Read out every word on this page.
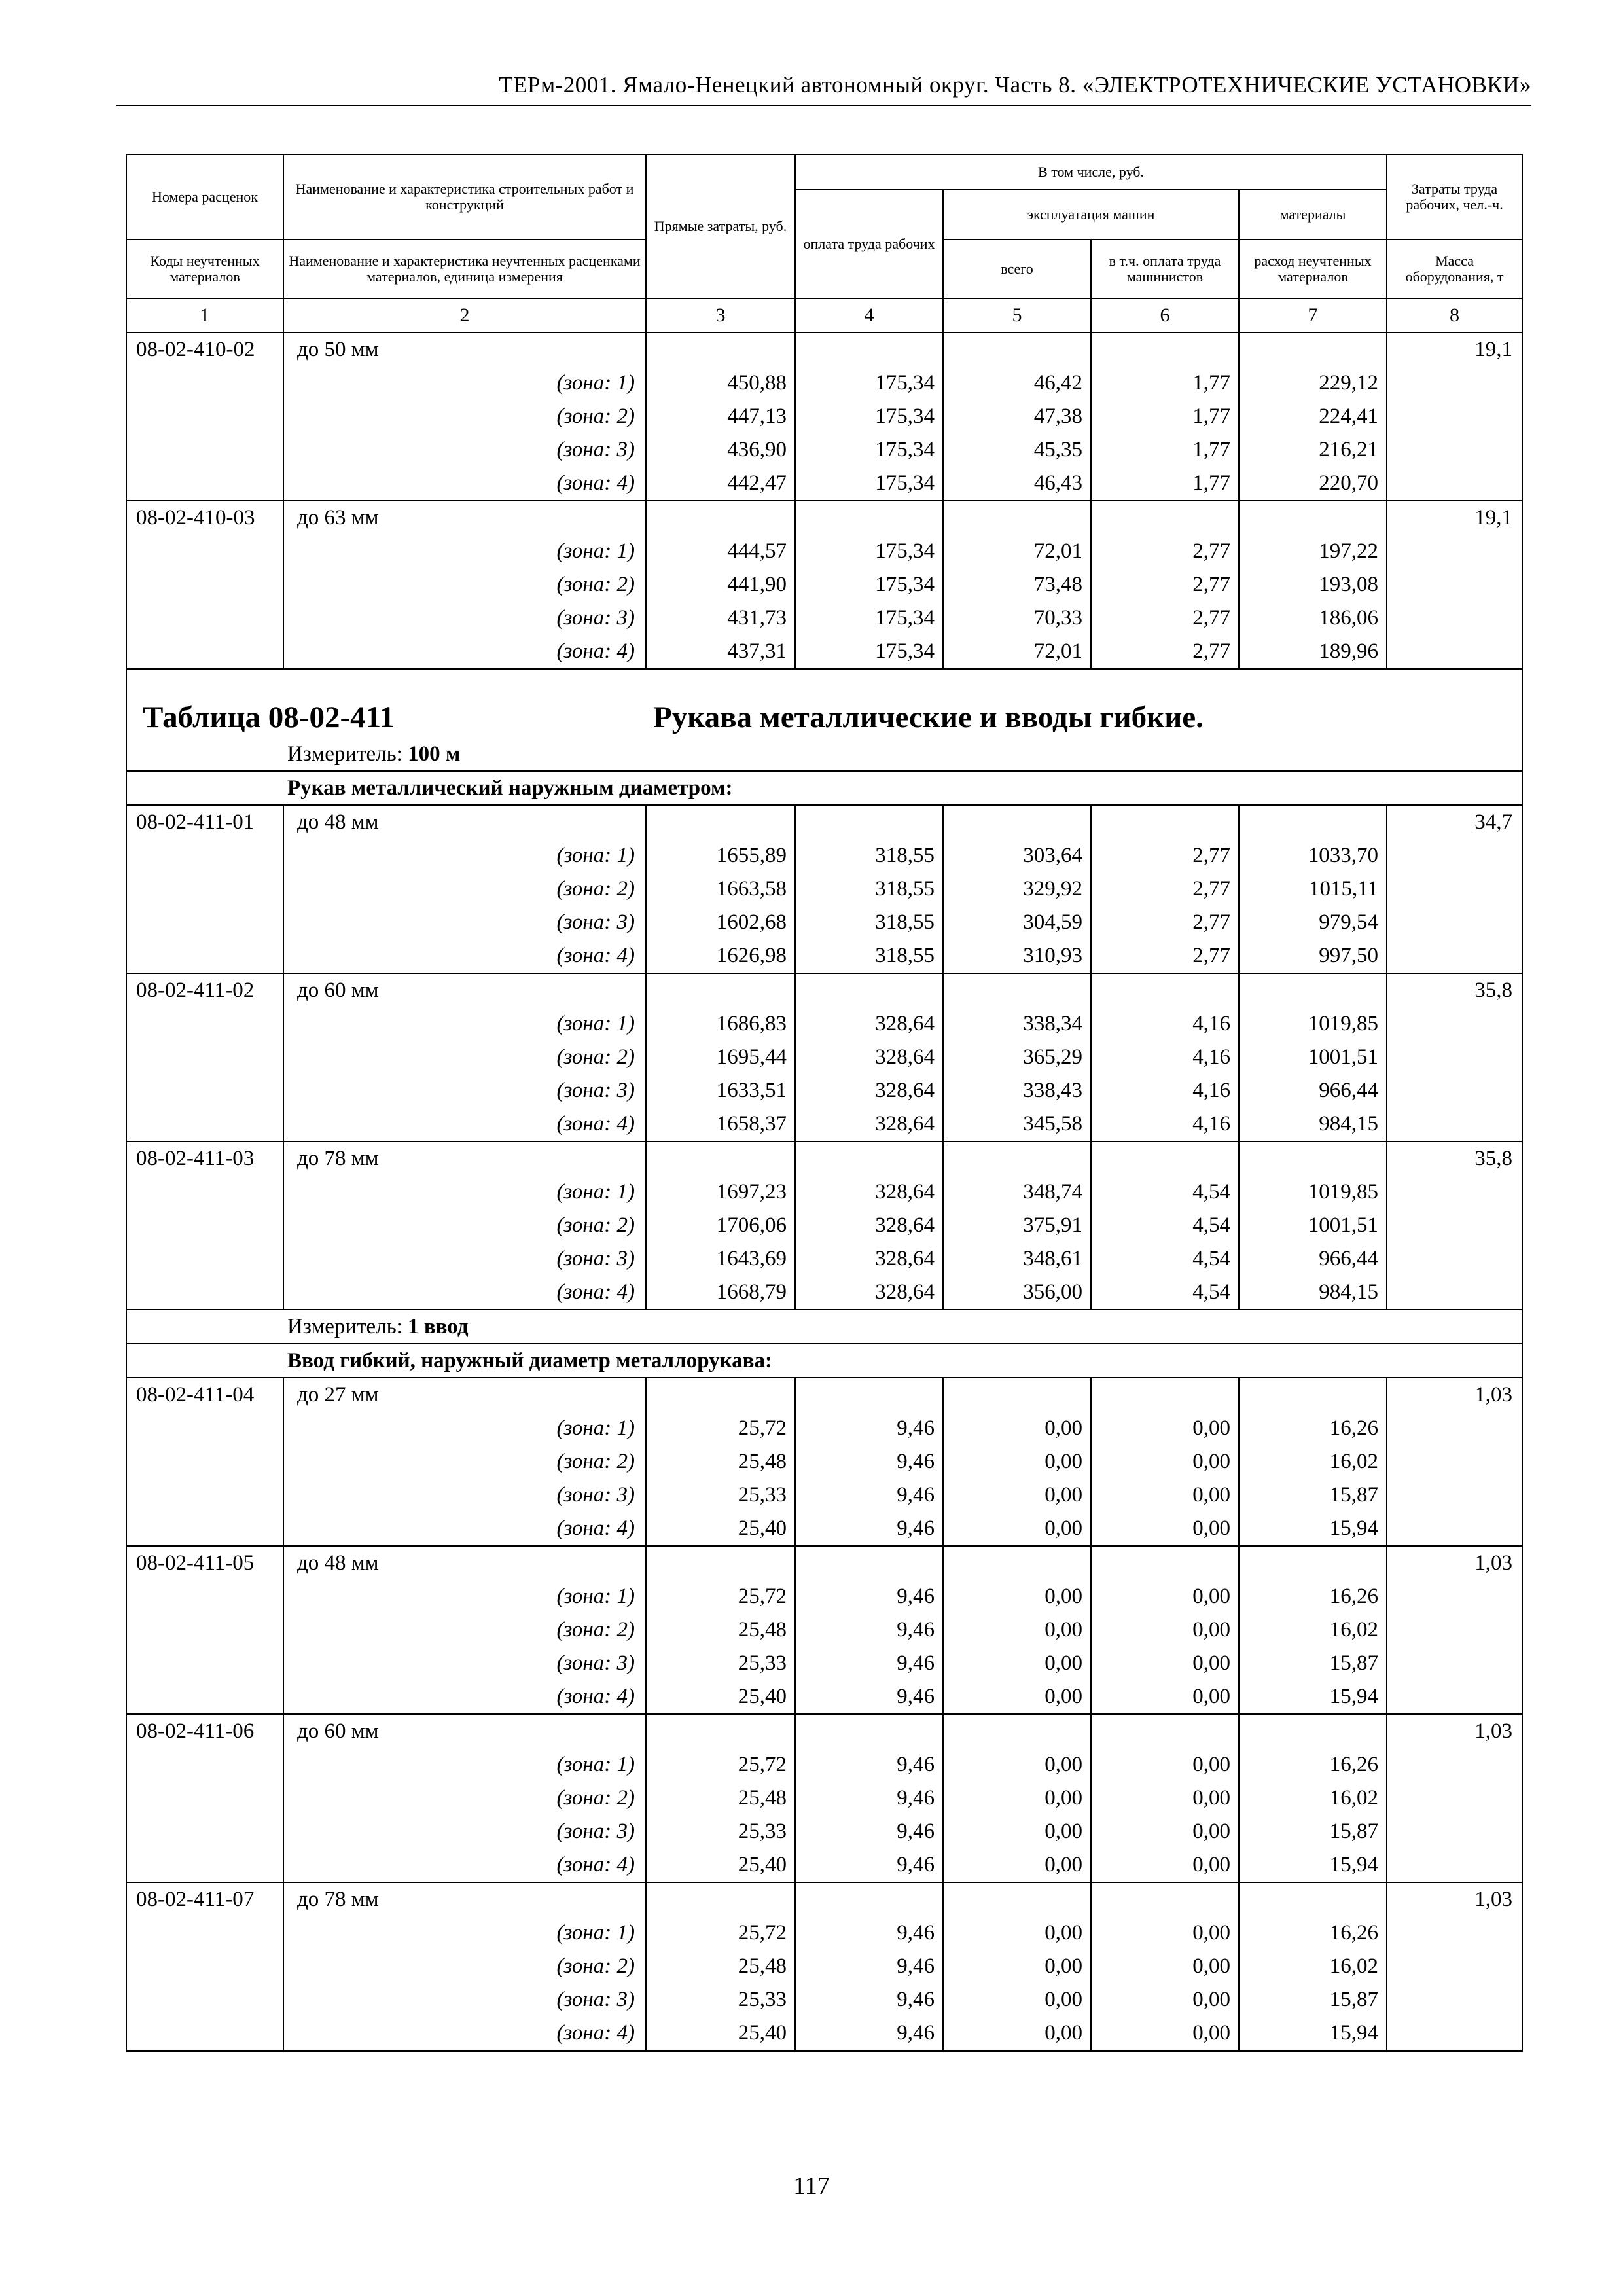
ТЕРм-2001. Ямало-Ненецкий автономный округ. Часть 8. «ЭЛЕКТРОТЕХНИЧЕСКИЕ УСТАНОВКИ»
Номера расценок	Наименование и характеристика строительных работ и конструкций	Прямые затраты, руб.	В том числе, руб.				Затраты труда рабочих, чел.-ч.
			оплата труда рабочих	эксплуатация машин		материалы	
Коды неучтенных материалов	Наименование и характеристика неучтенных расценками материалов, единица измерения			всего	в т.ч. оплата труда машинистов	расход неучтенных материалов	Масса оборудования, т
1	2	3	4	5	6	7	8
08-02-410-02	до 50 мм						19,1
	(зона: 1)	450,88	175,34	46,42	1,77	229,12	
	(зона: 2)	447,13	175,34	47,38	1,77	224,41	
	(зона: 3)	436,90	175,34	45,35	1,77	216,21	
	(зона: 4)	442,47	175,34	46,43	1,77	220,70	
08-02-410-03	до 63 мм						19,1
	(зона: 1)	444,57	175,34	72,01	2,77	197,22	
	(зона: 2)	441,90	175,34	73,48	2,77	193,08	
	(зона: 3)	431,73	175,34	70,33	2,77	186,06	
	(зона: 4)	437,31	175,34	72,01	2,77	189,96	
Таблица 08-02-411 Рукава металлические и вводы гибкие.							
Измеритель: 100 м							
Рукав металлический наружным диаметром:							
08-02-411-01	до 48 мм						34,7
	(зона: 1)	1655,89	318,55	303,64	2,77	1033,70	
	(зона: 2)	1663,58	318,55	329,92	2,77	1015,11	
	(зона: 3)	1602,68	318,55	304,59	2,77	979,54	
	(зона: 4)	1626,98	318,55	310,93	2,77	997,50	
08-02-411-02	до 60 мм						35,8
	(зона: 1)	1686,83	328,64	338,34	4,16	1019,85	
	(зона: 2)	1695,44	328,64	365,29	4,16	1001,51	
	(зона: 3)	1633,51	328,64	338,43	4,16	966,44	
	(зона: 4)	1658,37	328,64	345,58	4,16	984,15	
08-02-411-03	до 78 мм						35,8
	(зона: 1)	1697,23	328,64	348,74	4,54	1019,85	
	(зона: 2)	1706,06	328,64	375,91	4,54	1001,51	
	(зона: 3)	1643,69	328,64	348,61	4,54	966,44	
	(зона: 4)	1668,79	328,64	356,00	4,54	984,15	
Измеритель: 1 ввод							
Ввод гибкий, наружный диаметр металлорукава:							
08-02-411-04	до 27 мм						1,03
	(зона: 1)	25,72	9,46	0,00	0,00	16,26	
	(зона: 2)	25,48	9,46	0,00	0,00	16,02	
	(зона: 3)	25,33	9,46	0,00	0,00	15,87	
	(зона: 4)	25,40	9,46	0,00	0,00	15,94	
08-02-411-05	до 48 мм						1,03
	(зона: 1)	25,72	9,46	0,00	0,00	16,26	
	(зона: 2)	25,48	9,46	0,00	0,00	16,02	
	(зона: 3)	25,33	9,46	0,00	0,00	15,87	
	(зона: 4)	25,40	9,46	0,00	0,00	15,94	
08-02-411-06	до 60 мм						1,03
	(зона: 1)	25,72	9,46	0,00	0,00	16,26	
	(зона: 2)	25,48	9,46	0,00	0,00	16,02	
	(зона: 3)	25,33	9,46	0,00	0,00	15,87	
	(зона: 4)	25,40	9,46	0,00	0,00	15,94	
08-02-411-07	до 78 мм						1,03
	(зона: 1)	25,72	9,46	0,00	0,00	16,26	
	(зона: 2)	25,48	9,46	0,00	0,00	16,02	
	(зона: 3)	25,33	9,46	0,00	0,00	15,87	
	(зона: 4)	25,40	9,46	0,00	0,00	15,94	
117
